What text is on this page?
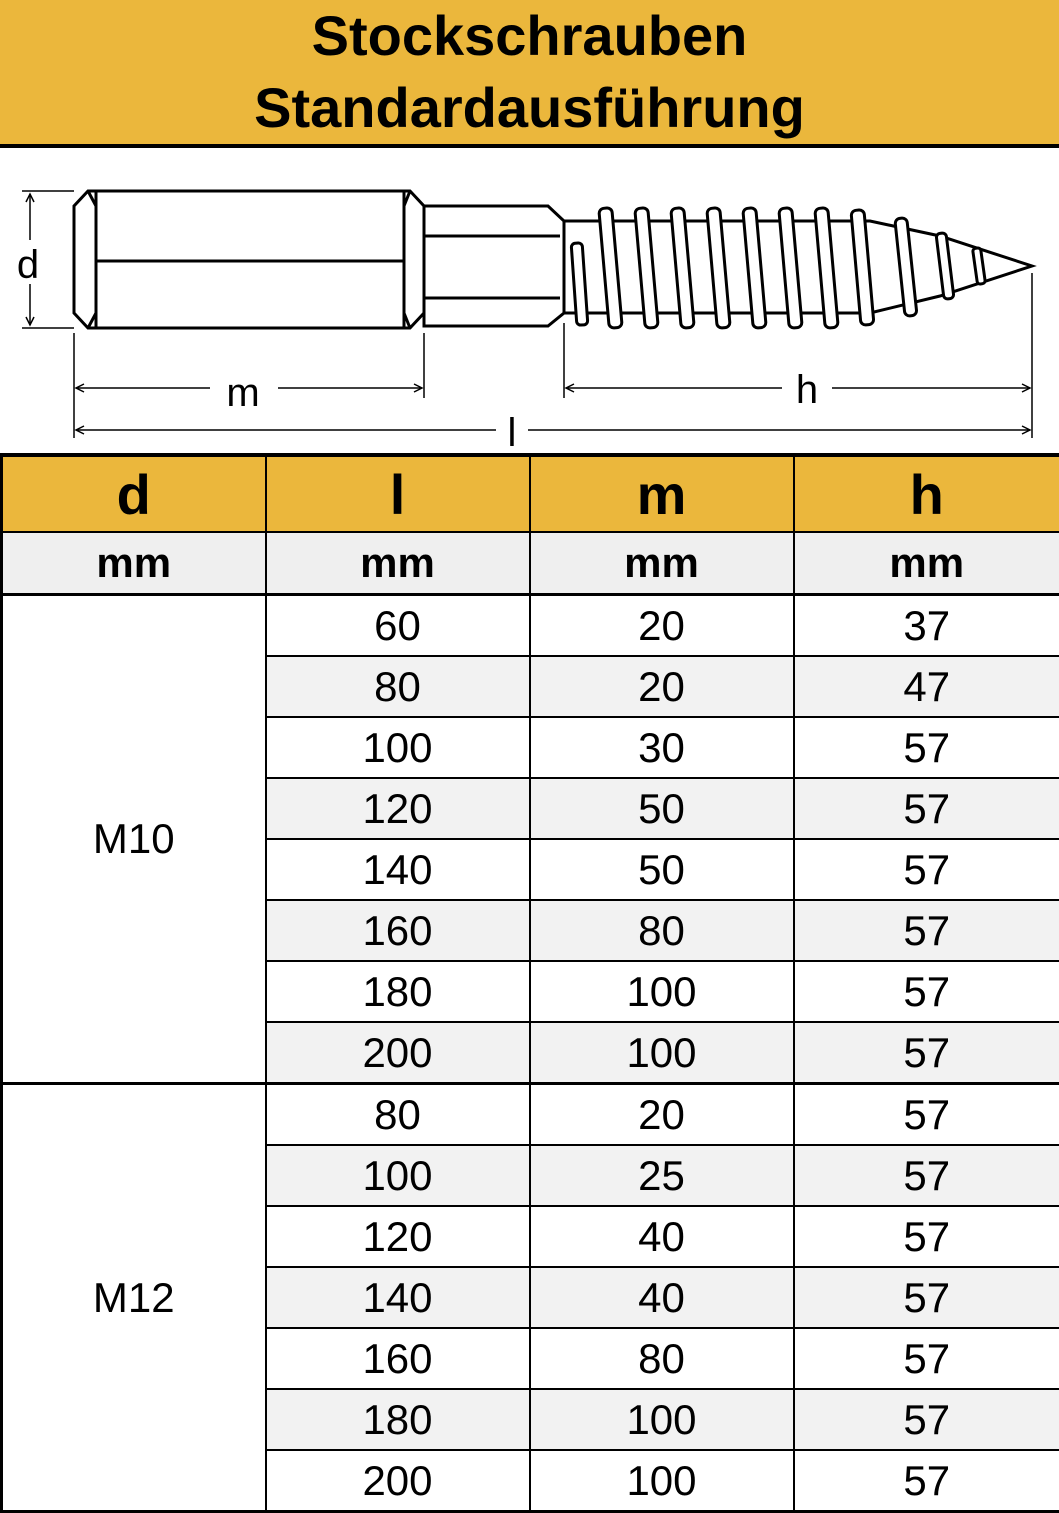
Stockschrauben
Standardausführung
d
m	h
l
d	l	m	h
mm	mm	mm	mm
M10	60	20	37
	80	20	47
	100	30	57
	120	50	57
	140	50	57
	160	80	57
	180	100	57
	200	100	57
M12	80	20	57
	100	25	57
	120	40	57
	140	40	57
	160	80	57
	180	100	57
	200	100	57
